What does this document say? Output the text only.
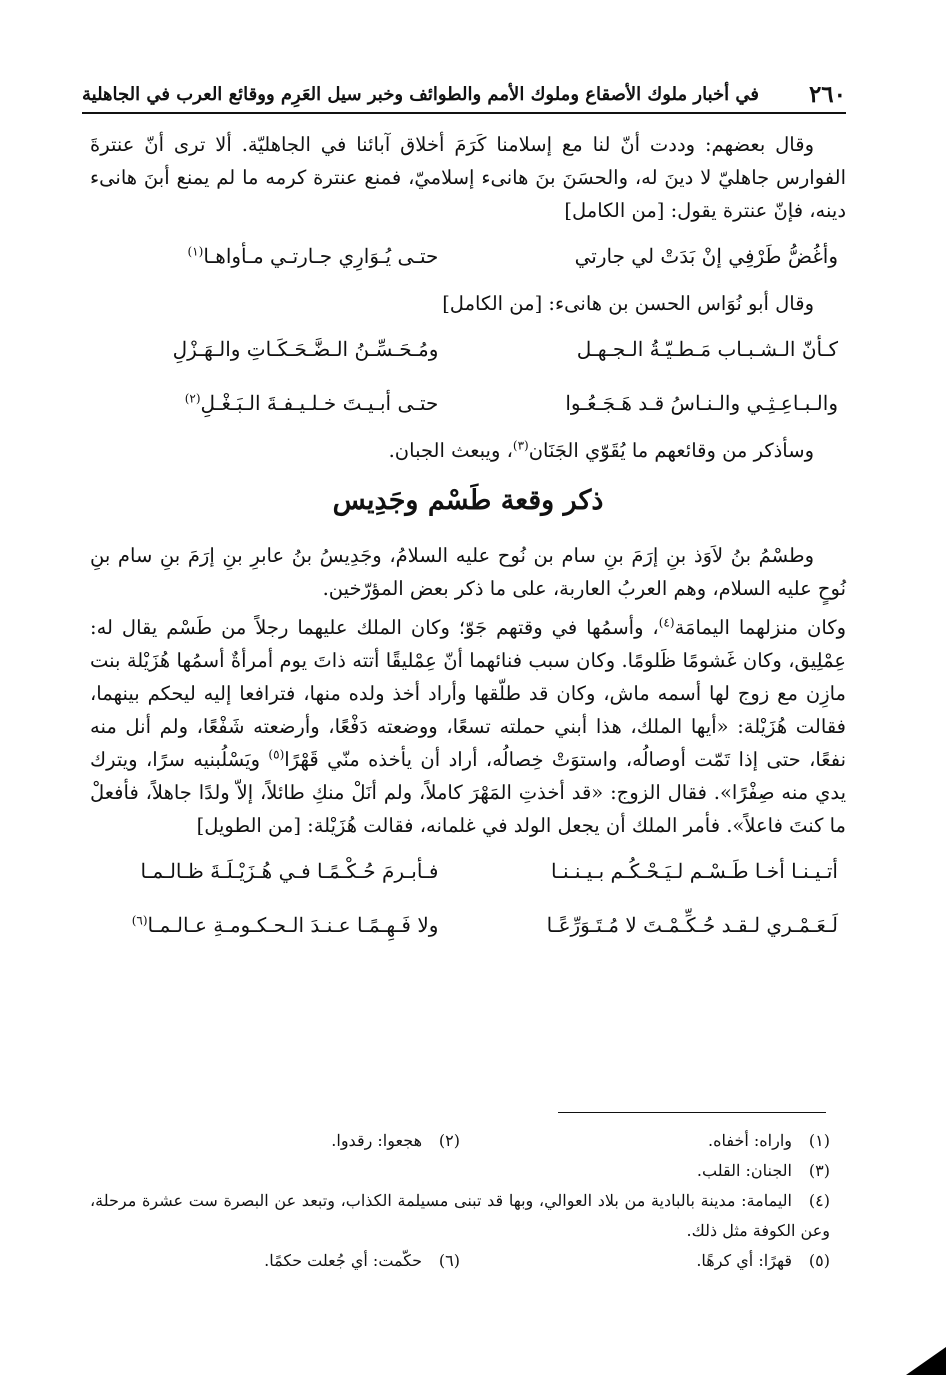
٢٦٠
في أخبار ملوك الأصقاع وملوك الأمم والطوائف وخبر سيل العَرِم ووقائع العرب في الجاهلية

وقال بعضهم: وددت أنّ لنا مع إسلامنا كَرَمَ أخلاق آبائنا في الجاهليّة. ألا ترى أنّ عنترةَ الفوارس جاهليّ لا دينَ له، والحسَنَ بنَ هانىء إسلاميّ، فمنع عنترة كرمه ما لم يمنع أبنَ هانىء دينه، فإنّ عنترة يقول: [من الكامل]

وأغُضُّ طَرْفِي إنْ بَدَتْ لي جارتي
حتـى يُـوَارِي جـارتـي مـأواهـا$^{(١)}$

وقال أبو نُوَاس الحسن بن هانىء: [من الكامل]

كـأنّ الـشـبـاب مَـطـيّـةُ الـجـهـل
ومُـحَـسِّـنُ الـضَّـحَـكَـاتِ والـهَـزْلِ
والـبـاعِـثِـي والـنـاسُ قـد هَـجَـعُـوا
حتـى أبـيـتَ خـلـيـفـةَ الـبَـغْـلِ$^{(٢)}$

وسأذكر من وقائعهم ما يُقَوّي الجَنَان$^{(٣)}$، ويبعث الجبان.

ذكر وقعة طَسْم وجَدِيس

وطسْمُ بنُ لاَوَذ بنِ إرَمَ بنِ سام بن نُوح عليه السلامُ، وجَدِيسُ بنُ عابرِ بنِ إرَمَ بنِ سام بنِ نُوحٍ عليه السلام، وهم العربُ العاربة، على ما ذكر بعض المؤرّخين.

وكان منزلهما اليمامَة$^{(٤)}$، وأسمُها في وقتهم جَوّ؛ وكان الملك عليهما رجلاً من طَسْم يقال له: عِمْلِيق، وكان غَشومًا ظَلومًا. وكان سبب فنائهما أنّ عِمْليقًا أتته ذاتَ يوم أمرأةٌ أسمُها هُزَيْلة بنت مازِن مع زوج لها أسمه ماش، وكان قد طلّقها وأراد أخذ ولده منها، فترافعا إليه ليحكم بينهما، فقالت هُزَيْلة: «أيها الملك، هذا أبني حملته تسعًا، ووضعته دَفْعًا، وأرضعته شَفْعًا، ولم أنل منه نفعًا، حتى إذا تَمّت أوصالُه، واستوَتْ خِصالُه، أراد أن يأخذه منّي قَهْرًا$^{(٥)}$ ويَسْلُبنيه سرًا، ويترك يدي منه صِفْرًا». فقال الزوج: «قد أخذتِ المَهْرَ كاملاً، ولم أنَلْ منكِ طائلاً، إلاّ ولدًا جاهلاً، فأفعلْ ما كنتَ فاعلاً». فأمر الملك أن يجعل الولد في غلمانه، فقالت هُزَيْلة: [من الطويل]

أتـيـنـا أخـا طَـسْـم لـيَـحْـكُـم بـيـنـنـا
فـأبـرمَ حُـكْـمًـا فـي هُـزَيْـلَـةَ ظـالـمـا
لَـعَـمْـري لـقـد حُـكِّـمْـتَ لا مُـتَـوَرِّعًـا
ولا فَـهِـمًـا عـنـدَ الـحـكـومـةِ عـالـمـا$^{(٦)}$
(١)واراه: أخفاه.
(٢)هجعوا: رقدوا.
(٣)الجنان: القلب.
(٤)اليمامة: مدينة بالبادية من بلاد العوالي، وبها قد تبنى مسيلمة الكذاب، وتبعد عن البصرة ست عشرة مرحلة، وعن الكوفة مثل ذلك.
(٥)قهرًا: أي كرهًا.
(٦)حكّمت: أي جُعلت حكمًا.
